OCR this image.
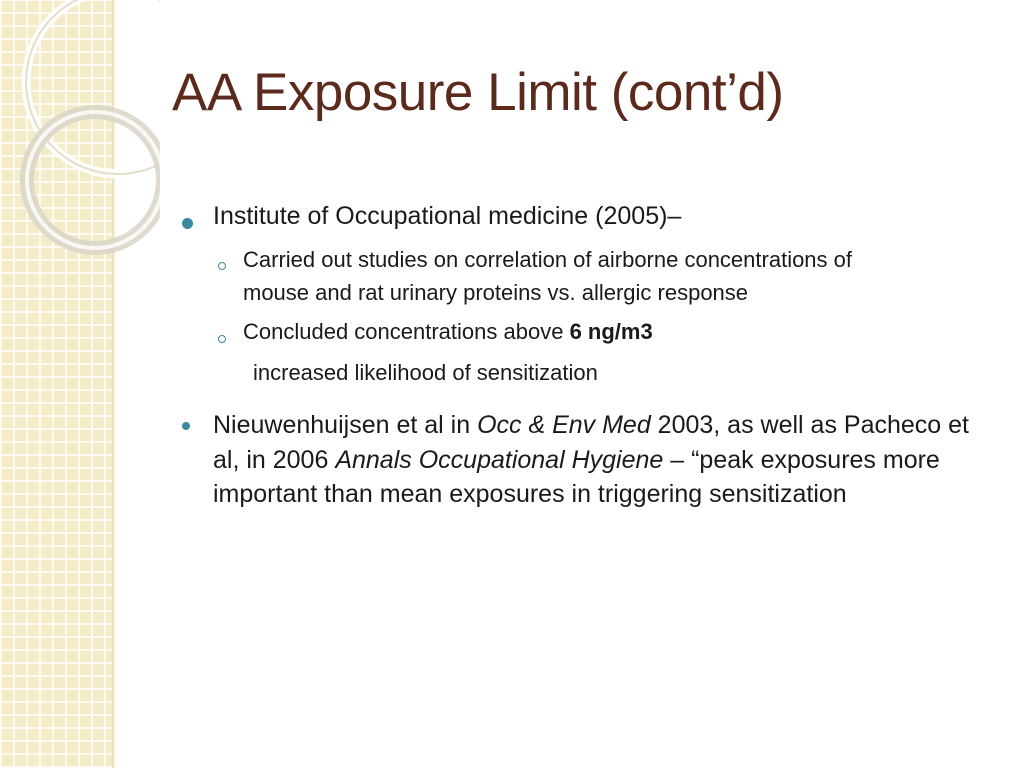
AA Exposure Limit (cont’d)
Institute of Occupational medicine (2005)–
Carried out studies on correlation of airborne concentrations of
mouse and rat urinary proteins vs. allergic response
Concluded concentrations above 6 ng/m3
increased likelihood of sensitization
Nieuwenhuijsen et al in Occ & Env Med 2003, as well as Pacheco et
al, in 2006 Annals Occupational Hygiene – “peak exposures more
important than mean exposures in triggering sensitization
